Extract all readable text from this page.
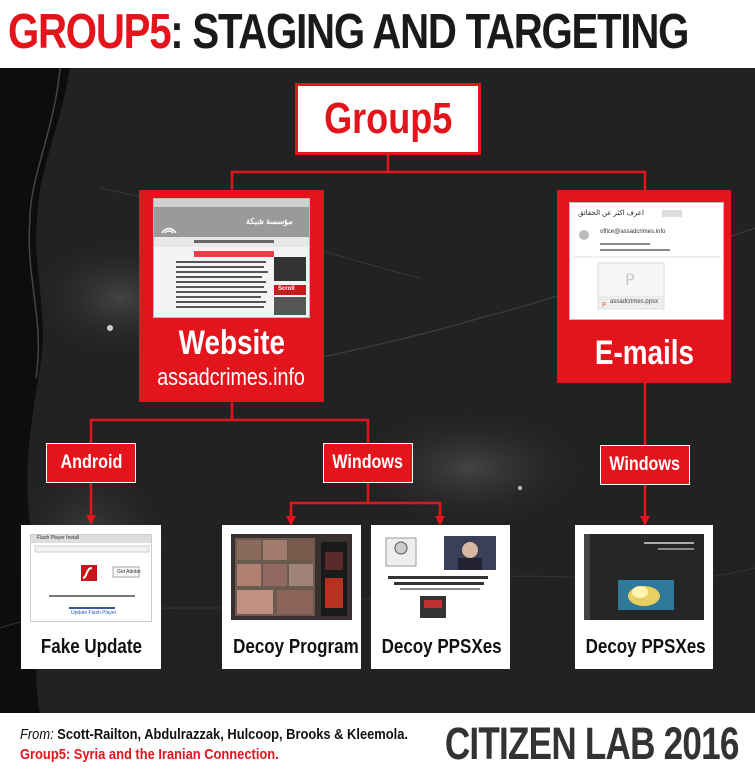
GROUP5: STAGING AND TARGETING
Group5
مؤسسة شبكة
Scroll
Website
assadcrimes.info
P
P
اعرف اكثر عن الحقائق
office@assadcrimes.info
assadcrimes.ppsx
E-mails
Android	Windows	Windows
Flash Player Install
Get Adobe
Update Flash Player
Fake Update	Decoy Program	Decoy PPSXes	Decoy PPSXes
From: Scott-Railton, Abdulrazzak, Hulcoop, Brooks & Kleemola.
Group5: Syria and the Iranian Connection.	CITIZEN LAB 2016
